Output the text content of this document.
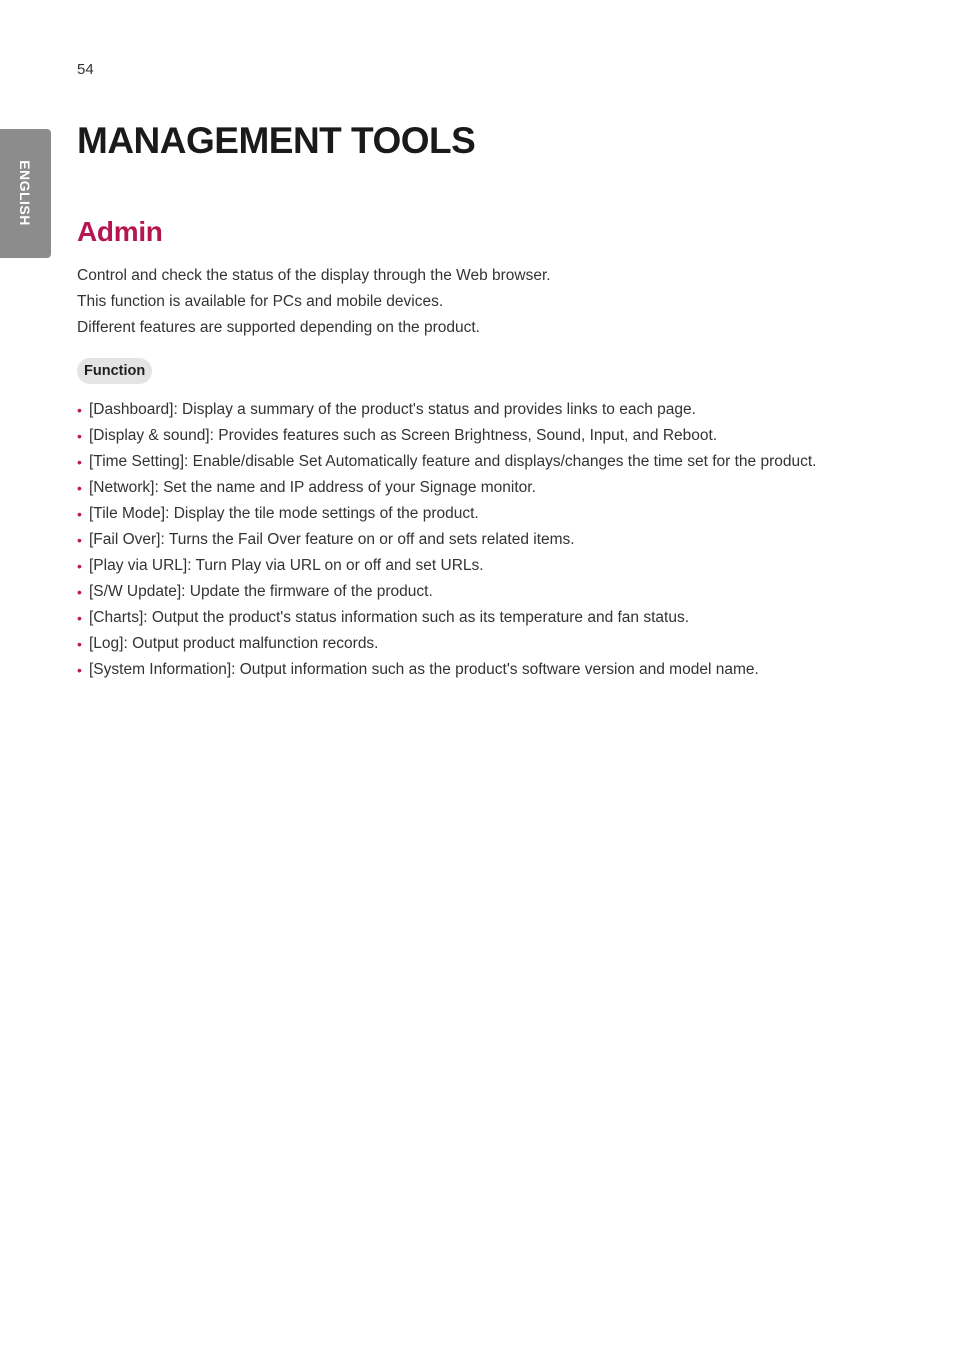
54
ENGLISH
MANAGEMENT TOOLS
Admin

Control and check the status of the display through the Web browser.

This function is available for PCs and mobile devices.

Different features are supported depending on the product.

Function
• [Dashboard]: Display a summary of the product's status and provides links to each page.
• [Display & sound]: Provides features such as Screen Brightness, Sound, Input, and Reboot.
• [Time Setting]: Enable/disable Set Automatically feature and displays/changes the time set for the product.
• [Network]: Set the name and IP address of your Signage monitor.
• [Tile Mode]: Display the tile mode settings of the product.
• [Fail Over]: Turns the Fail Over feature on or off and sets related items.
• [Play via URL]: Turn Play via URL on or off and set URLs.
• [S/W Update]: Update the firmware of the product.
• [Charts]: Output the product's status information such as its temperature and fan status.
• [Log]: Output product malfunction records.
• [System Information]: Output information such as the product's software version and model name.
